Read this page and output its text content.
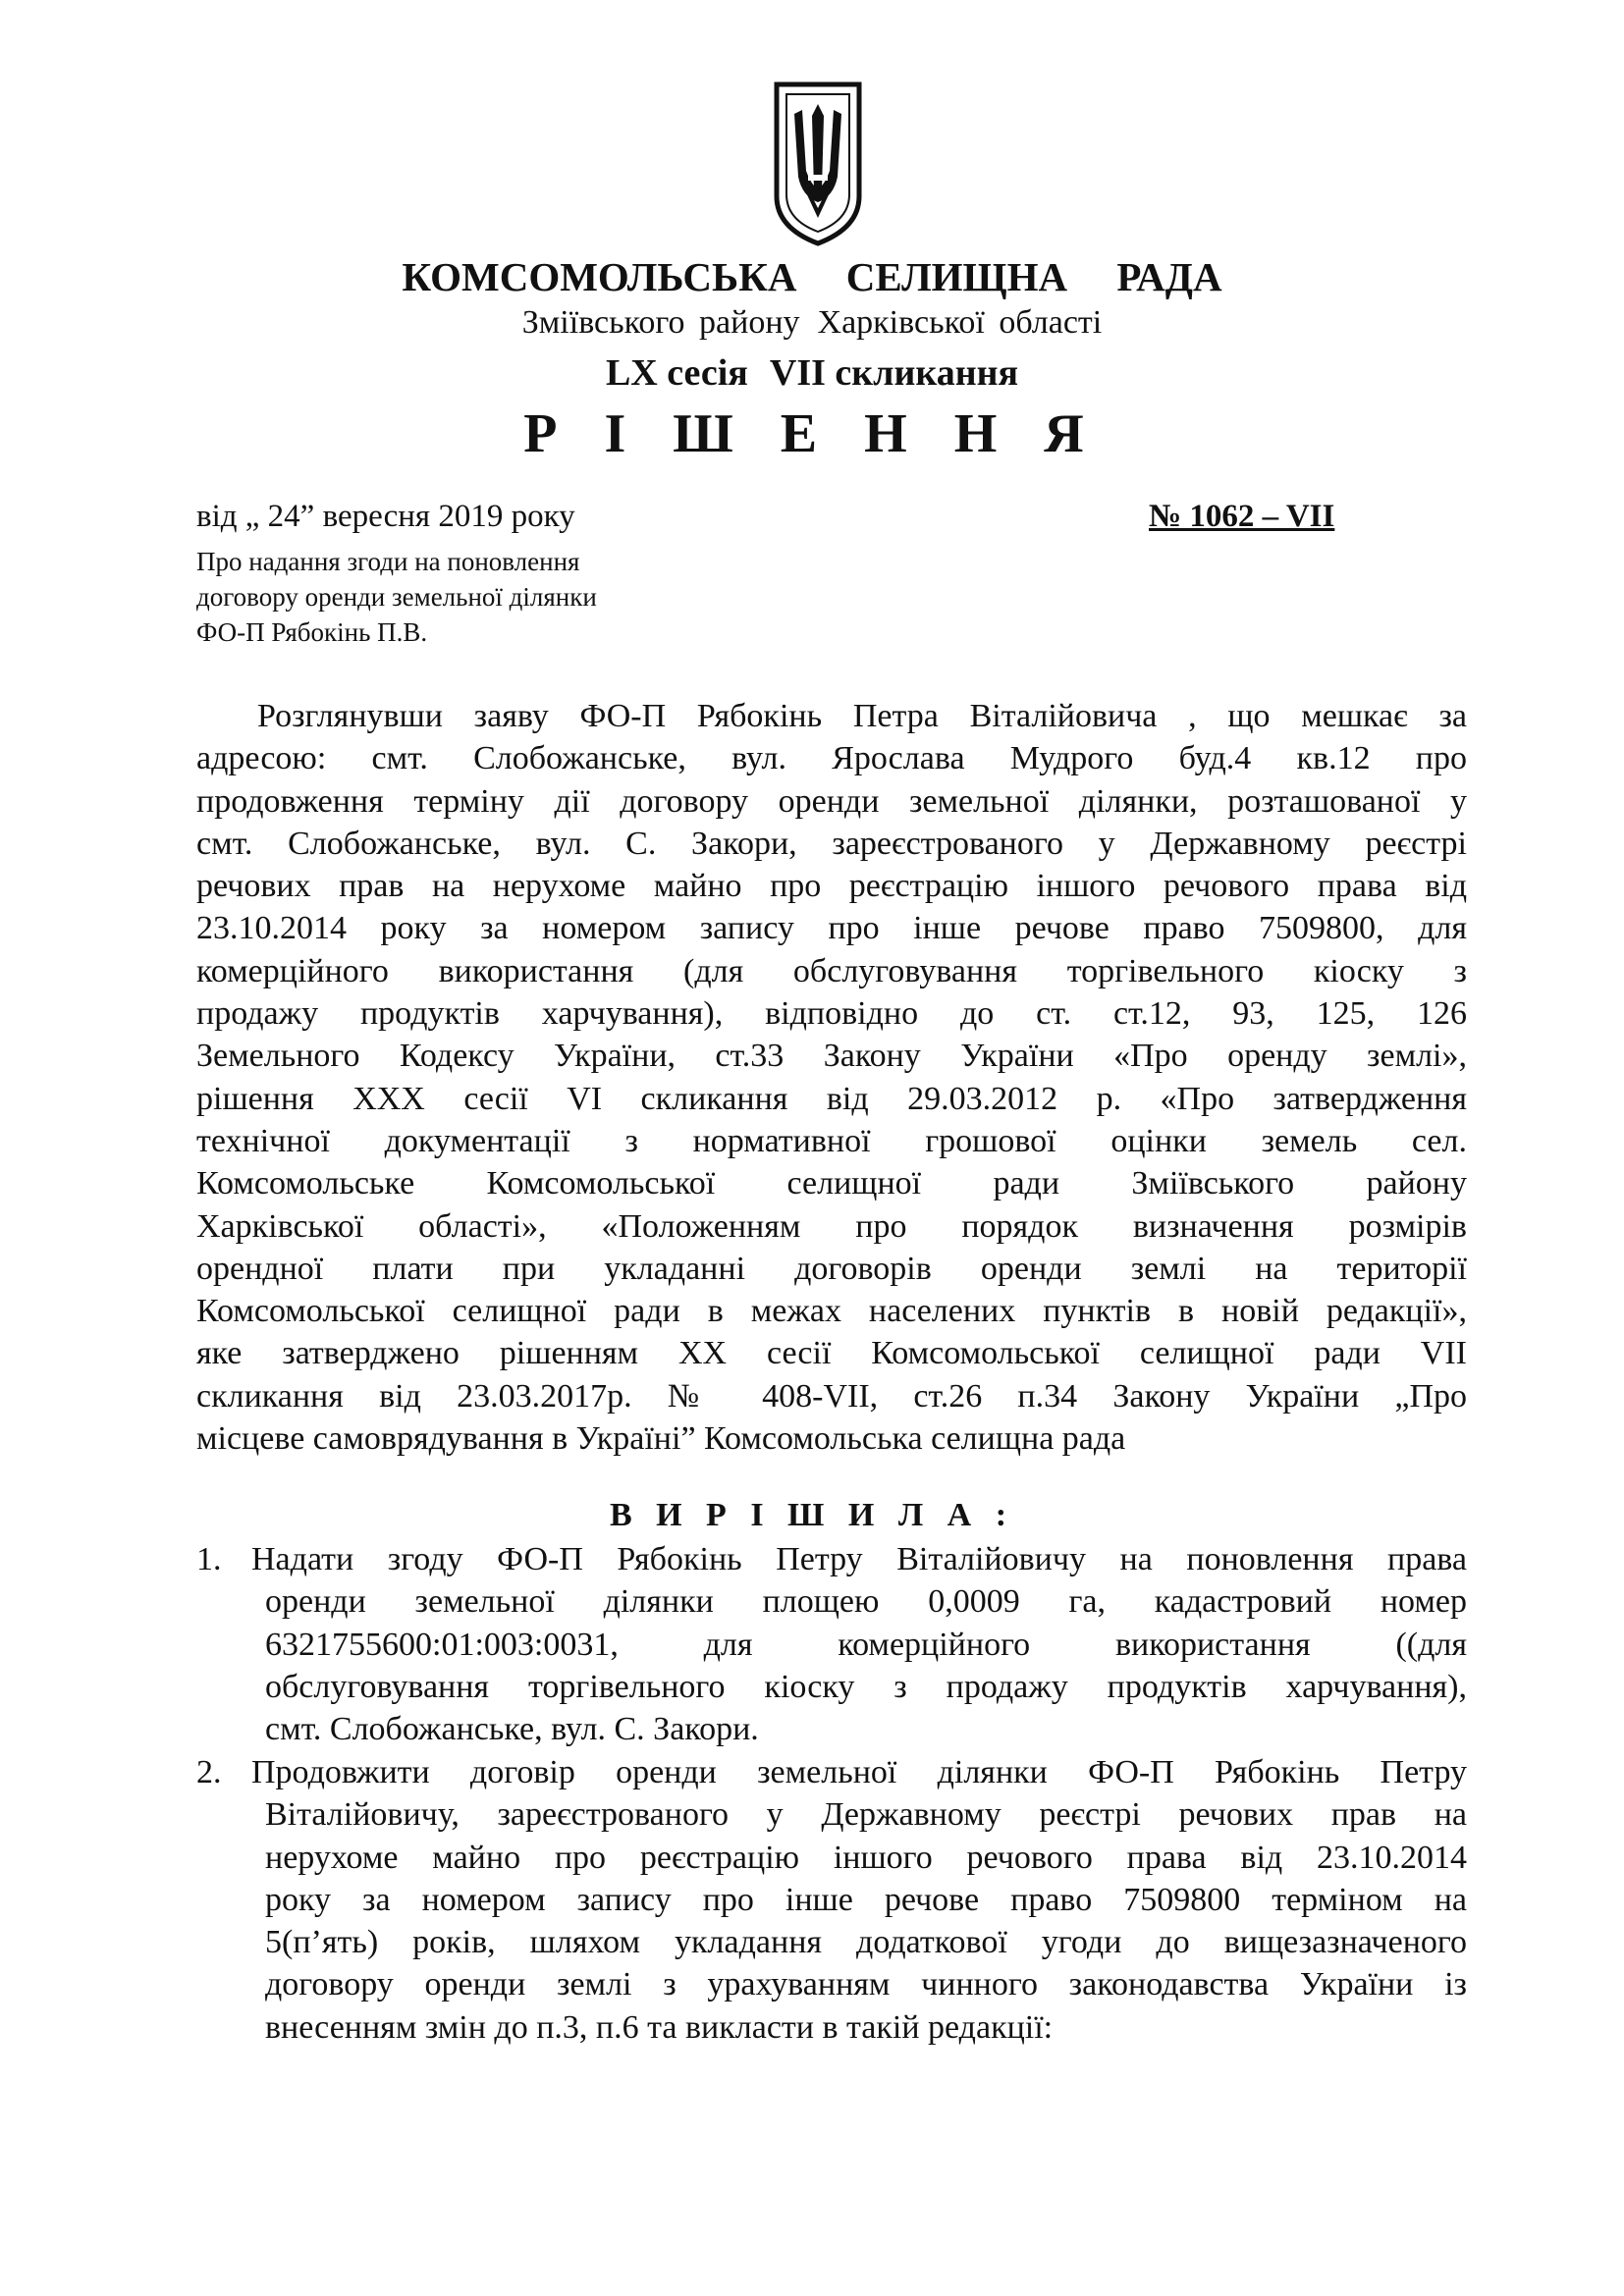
КОМСОМОЛЬСЬКА СЕЛИЩНА РАДА
Зміївського району Харківської області
LX сесія VII скликання
Р І Ш Е Н Н Я
від „ 24” вересня 2019 року	№ 1062 – VII
Про надання згоди на поновлення
договору оренди земельної ділянки
ФО-П Рябокінь П.В.
Розглянувши заяву ФО-П Рябокінь Петра Віталійовича , що мешкає за
адресою: смт. Слобожанське, вул. Ярослава Мудрого буд.4 кв.12 про
продовження терміну дії договору оренди земельної ділянки, розташованої у
смт. Слобожанське, вул. С. Закори, зареєстрованого у Державному реєстрі
речових прав на нерухоме майно про реєстрацію іншого речового права від
23.10.2014 року за номером запису про інше речове право 7509800, для
комерційного використання (для обслуговування торгівельного кіоску з
продажу продуктів харчування), відповідно до ст. ст.12, 93, 125, 126
Земельного Кодексу України, ст.33 Закону України «Про оренду землі»,
рішення ХХХ сесії VI скликання від 29.03.2012 р. «Про затвердження
технічної документації з нормативної грошової оцінки земель сел.
Комсомольське Комсомольської селищної ради Зміївського району
Харківської області», «Положенням про порядок визначення розмірів
орендної плати при укладанні договорів оренди землі на території
Комсомольської селищної ради в межах населених пунктів в новій редакції»,
яке затверджено рішенням ХХ сесії Комсомольської селищної ради VII
скликання від 23.03.2017р. № 408-VII, ст.26 п.34 Закону України „Про
місцеве самоврядування в Україні” Комсомольська селищна рада
В И Р І Ш И Л А :
1. Надати згоду ФО-П Рябокінь Петру Віталійовичу на поновлення права
оренди земельної ділянки площею 0,0009 га, кадастровий номер
6321755600:01:003:0031, для комерційного використання ((для
обслуговування торгівельного кіоску з продажу продуктів харчування),
смт. Слобожанське, вул. С. Закори.
2. Продовжити договір оренди земельної ділянки ФО-П Рябокінь Петру
Віталійовичу, зареєстрованого у Державному реєстрі речових прав на
нерухоме майно про реєстрацію іншого речового права від 23.10.2014
року за номером запису про інше речове право 7509800 терміном на
5(п’ять) років, шляхом укладання додаткової угоди до вищезазначеного
договору оренди землі з урахуванням чинного законодавства України із
внесенням змін до п.3, п.6 та викласти в такій редакції:
